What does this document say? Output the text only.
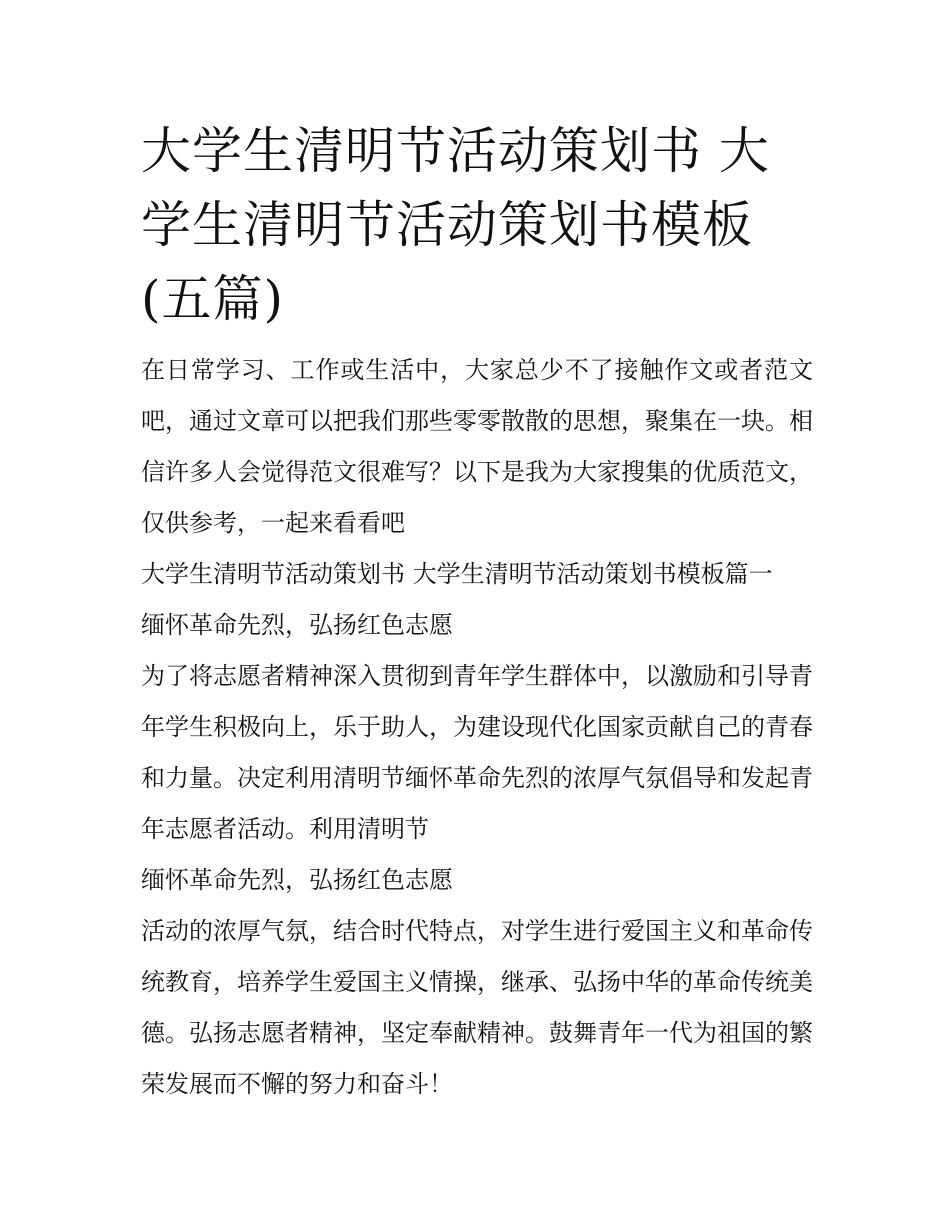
大学生清明节活动策划书 大学生清明节活动策划书模板(五篇)

在日常学习、工作或生活中，大家总少不了接触作文或者范文吧，通过文章可以把我们那些零零散散的思想，聚集在一块。相信许多人会觉得范文很难写？以下是我为大家搜集的优质范文，仅供参考，一起来看看吧

大学生清明节活动策划书 大学生清明节活动策划书模板篇一

缅怀革命先烈，弘扬红色志愿

为了将志愿者精神深入贯彻到青年学生群体中，以激励和引导青年学生积极向上，乐于助人，为建设现代化国家贡献自己的青春和力量。决定利用清明节缅怀革命先烈的浓厚气氛倡导和发起青年志愿者活动。利用清明节

缅怀革命先烈，弘扬红色志愿

活动的浓厚气氛，结合时代特点，对学生进行爱国主义和革命传统教育，培养学生爱国主义情操，继承、弘扬中华的革命传统美德。弘扬志愿者精神，坚定奉献精神。鼓舞青年一代为祖国的繁荣发展而不懈的努力和奋斗！
